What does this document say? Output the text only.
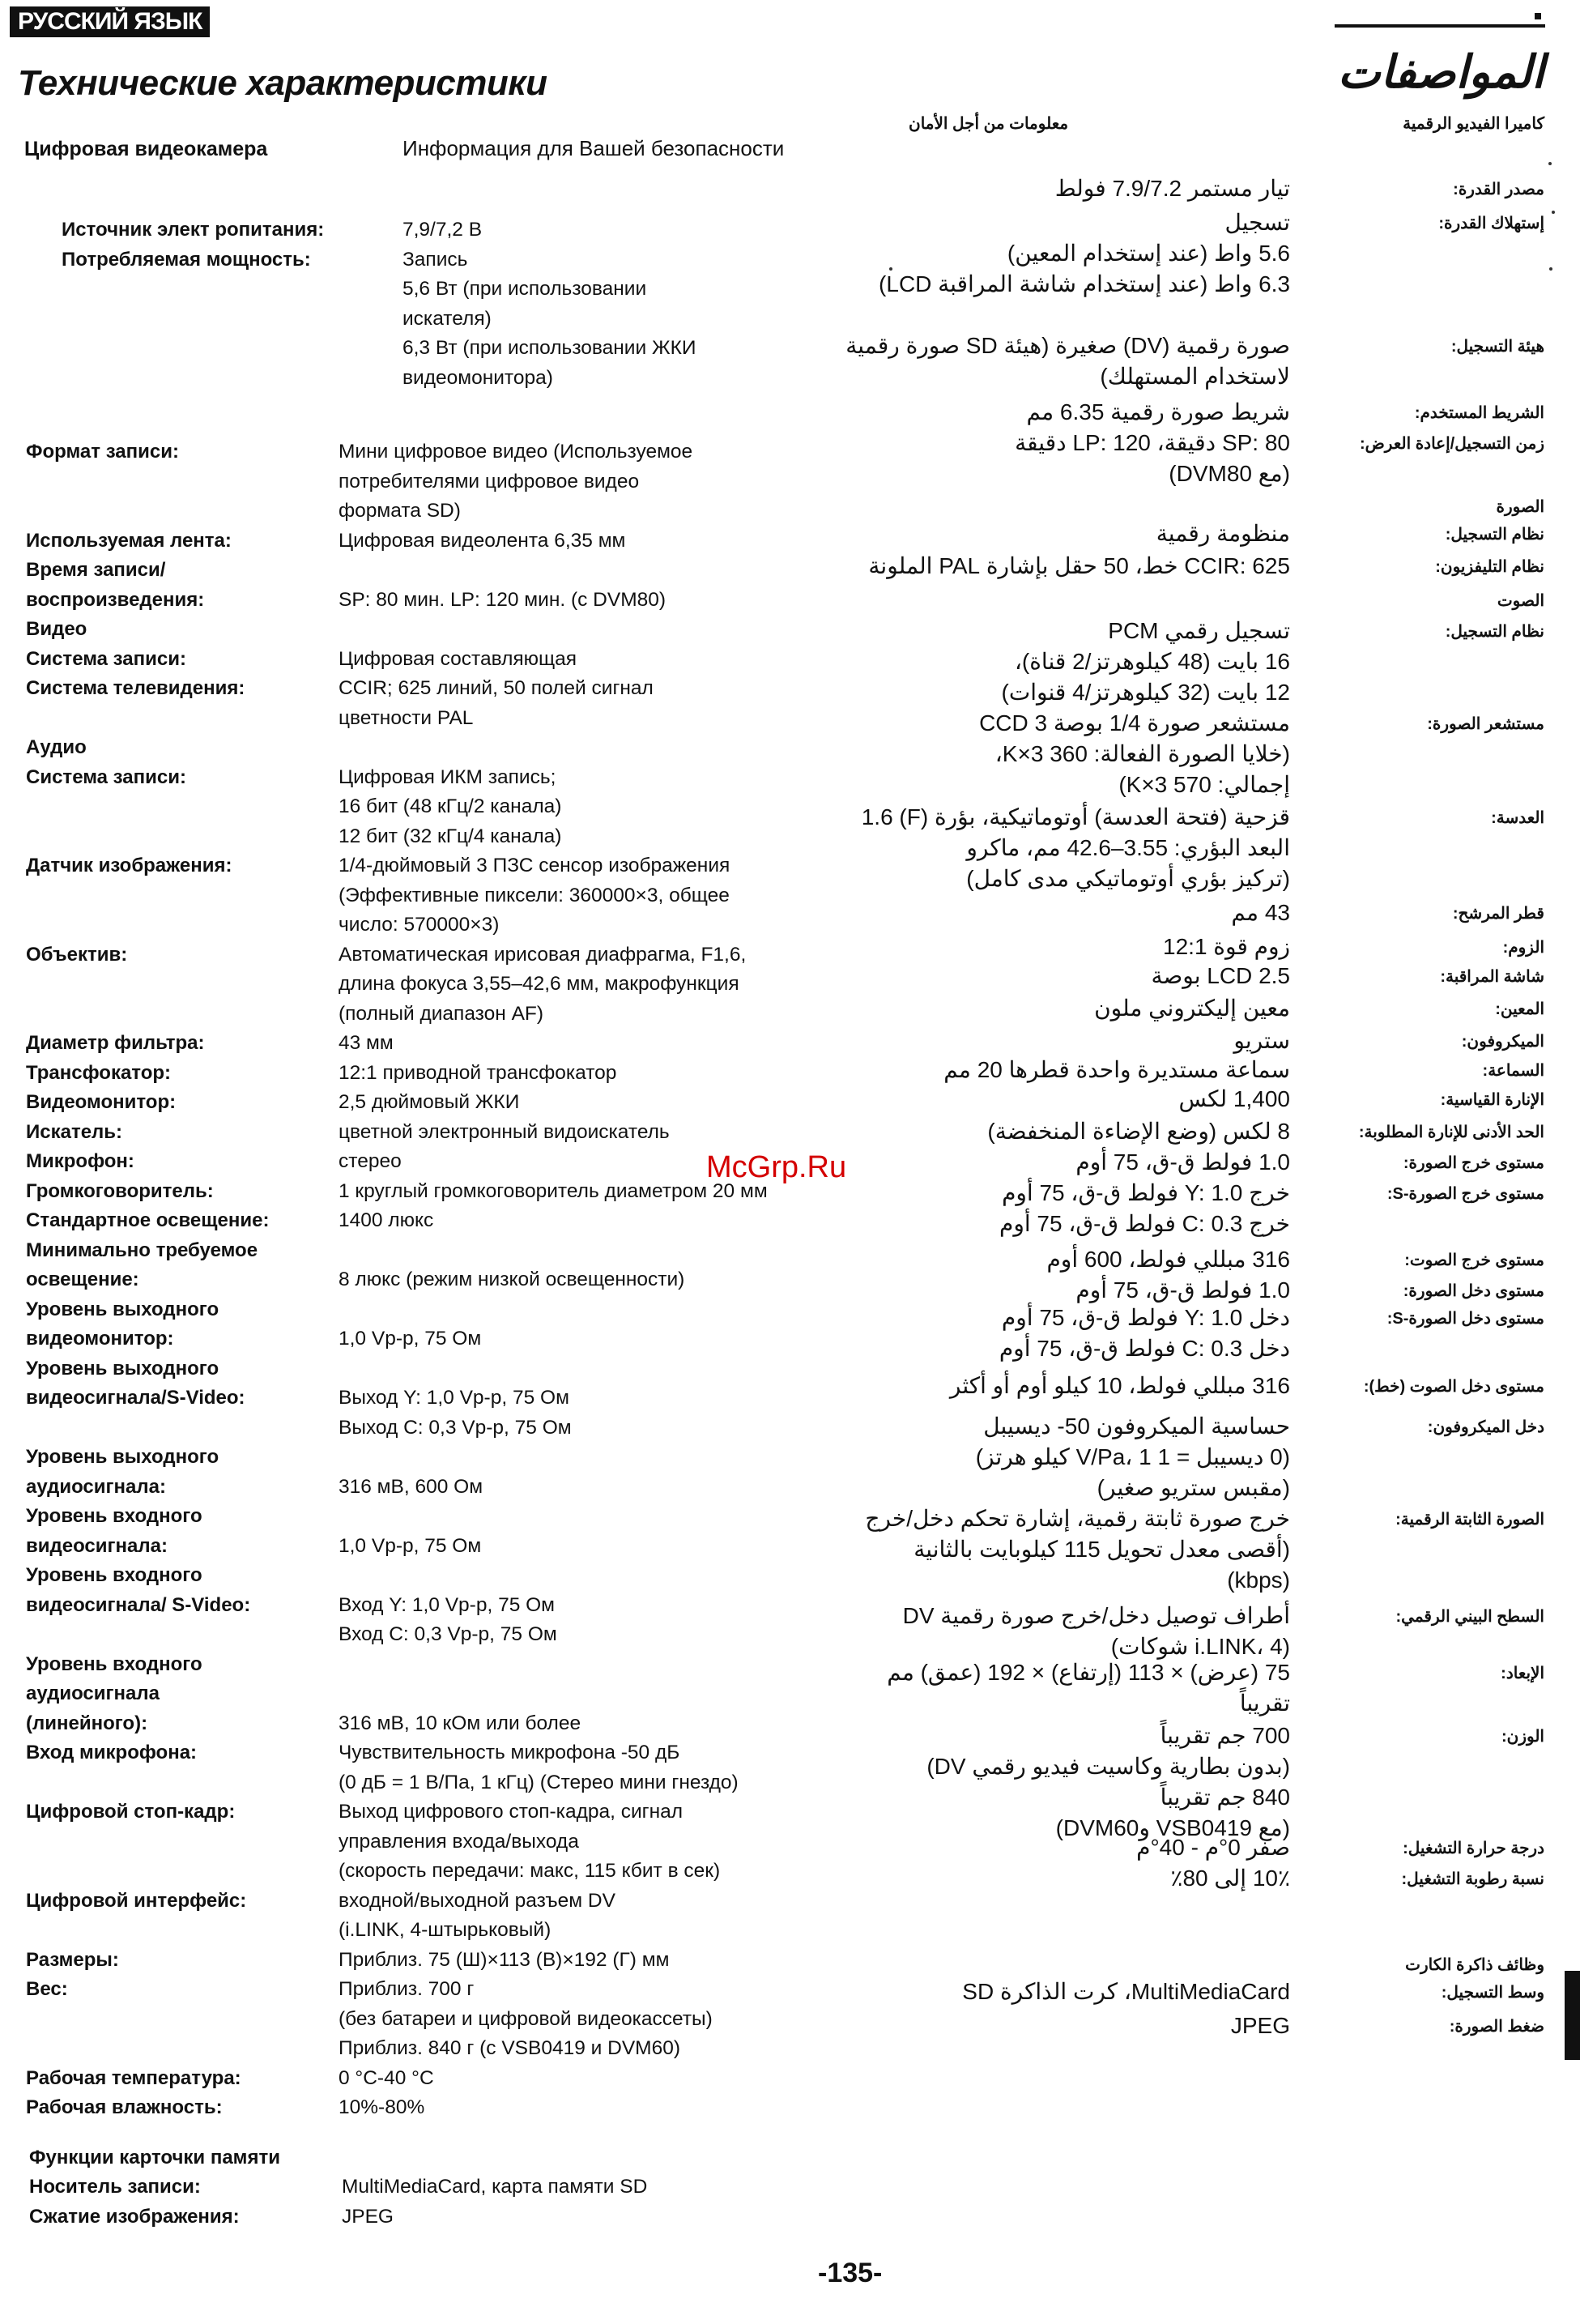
РУССКИЙ ЯЗЫК
Технические характеристики	المواصفات
Цифровая видеокамера	Информация для Вашей безопасности
كاميرا الفيديو الرقمية
معلومات من أجل الأمان
Источник элект ропитания:	7,9/7,2 В
Потребляемая мощность:	Запись
5,6 Вт (при использовании
искателя)
6,3 Вт (при использовании ЖКИ
видеомонитора)
Формат записи:	Мини цифровое видео (Используемое
потребителями цифровое видео
формата SD)
Используемая лента:	Цифровая видеолента 6,35 мм
Время записи/
воспроизведения:	
SP: 80 мин. LP: 120 мин. (с DVM80)
Видео
Система записи:	Цифровая составляющая
Система телевидения:	CCIR; 625 линий, 50 полей сигнал
цветности PAL
Аудио
Система записи:	Цифровая ИКМ запись;
16 бит (48 кГц/2 канала)
12 бит (32 кГц/4 канала)
Датчик изображения:	1/4-дюймовый 3 ПЗС сенсор изображения
(Эффективные пиксели: 360000×3, общее
число: 570000×3)
Объектив:	Автоматическая ирисовая диафрагма, F1,6,
длина фокуса 3,55–42,6 мм, макрофункция
(полный диапазон AF)
Диаметр фильтра:	43 мм
Трансфокатор:	12:1 приводной трансфокатор
Видеомонитор:	2,5 дюймовый ЖКИ
Искатель:	цветной электронный видоискатель
Микрофон:	стерео
Громкоговоритель:	1 круглый громкоговоритель диаметром 20 мм
Стандартное освещение:	1400 люкс
Минимально требуемое
освещение:	
8 люкс (режим низкой освещенности)
Уровень выходного
видеомонитор:	
1,0 Vp-p, 75 Ом
Уровень выходного
видеосигнала/S-Video:	
Выход Y: 1,0 Vp-p, 75 Ом
Выход C: 0,3 Vp-p, 75 Ом
Уровень выходного
аудиосигнала:	
316 мВ, 600 Ом
Уровень входного
видеосигнала:	
1,0 Vp-p, 75 Ом
Уровень входного
видеосигнала/ S-Video:	
Вход Y: 1,0 Vp-p, 75 Ом
Вход C: 0,3 Vp-p, 75 Ом
Уровень входного
аудиосигнала
(линейного):	

316 мВ, 10 кОм или более
Вход микрофона:	Чувствительность микрофона -50 дБ
(0 дБ = 1 В/Па, 1 кГц) (Стерео мини гнездо)
Цифровой стоп-кадр:	Выход цифрового стоп-кадра, сигнал
управления входа/выхода
(скорость передачи: макс, 115 кбит в сек)
Цифровой интерфейс:	входной/выходной разъем DV
(i.LINK, 4-штырьковый)
Размеры:	Приблиз. 75 (Ш)×113 (В)×192 (Г) мм
Вес:	Приблиз. 700 г
(без батареи и цифровой видеокассеты)
Приблиз. 840 г (с VSB0419 и DVM60)
Рабочая температура:	0 °C-40 °C
Рабочая влажность:	10%-80%
Функции карточки памяти
Носитель записи:	MultiMediaCard, карта памяти SD
Сжатие изображения:	JPEG
مصدر القدرة:
تيار مستمر 7.9/7.2 فولط
إستهلاك القدرة:
تسجيل
5.6 واط (عند إستخدام المعين)
6.3 واط (عند إستخدام شاشة المراقبة LCD)
هيئة التسجيل:
صورة رقمية (DV) صغيرة (هيئة SD صورة رقمية
لاستخدام المستهلك)
الشريط المستخدم:
شريط صورة رقمية 6.35 مم
زمن التسجيل/إعادة العرض:
SP: 80 دقيقة، LP: 120 دقيقة
(مع DVM80)
الصورة
نظام التسجيل:
منظومة رقمية
نظام التليفزيون:
CCIR: 625 خط، 50 حقل بإشارة PAL الملونة
الصوت
نظام التسجيل:
تسجيل رقمي PCM
16 بايت (48 كيلوهرتز/2 قناة)،
12 بايت (32 كيلوهرتز/4 قنوات)
مستشعر الصورة:
مستشعر صورة 1/4 بوصة 3 CCD
(خلايا الصورة الفعالة: 360 K×3،
إجمالي: 570 K×3)
العدسة:
قزحية (فتحة العدسة) أوتوماتيكية، بؤرة (F) 1.6
البعد البؤري: 3.55–42.6 مم، ماكرو
(تركيز بؤري أوتوماتيكي مدى كامل)
قطر المرشح:
43 مم
الزوم:
زوم قوة 12:1
شاشة المراقبة:
2.5 LCD بوصة
المعين:
معين إليكتروني ملون
الميكروفون:
ستريو
السماعة:
سماعة مستديرة واحدة قطرها 20 مم
الإنارة القياسية:
1,400 لكس
الحد الأدنى للإنارة المطلوبة:
8 لكس (وضع الإضاءة المنخفضة)
مستوى خرج الصورة:
1.0 فولط ق-ق، 75 أوم
مستوى خرج الصورة-S:
خرج Y: 1.0 فولط ق-ق، 75 أوم
خرج C: 0.3 فولط ق-ق، 75 أوم
مستوى خرج الصوت:
316 مبللي فولط، 600 أوم
مستوى دخل الصورة:
1.0 فولط ق-ق، 75 أوم
مستوى دخل الصورة-S:
دخل Y: 1.0 فولط ق-ق، 75 أوم
دخل C: 0.3 فولط ق-ق، 75 أوم
مستوى دخل الصوت (خط):
316 مبللي فولط، 10 كيلو أوم أو أكثر
دخل الميكروفون:
حساسية الميكروفون 50- ديسيبل
(0 ديسيبل = 1 V/Pa، 1 كيلو هرتز)
(مقبس ستريو صغير)
الصورة الثابتة الرقمية:
خرج صورة ثابتة رقمية، إشارة تحكم دخل/خرج
(أقصى معدل تحويل 115 كيلوبايت بالثانية
(kbps)
السطح البيني الرقمي:
أطراف توصيل دخل/خرج صورة رقمية DV
(i.LINK، 4 شوكات)
الإبعاد:
75 (عرض) × 113 (إرتفاع) × 192 (عمق) مم
تقريباً
الوزن:
700 جم تقريباً
(بدون بطارية وكاسيت فيديو رقمي DV)
840 جم تقريباً
(مع VSB0419 وDVM60)
درجة حرارة التشغيل:
صفر 0°م - 40°م
نسبة رطوبة التشغيل:
10٪ إلى 80٪
وظائف ذاكرة الكارت
وسط التسجيل:
MultiMediaCard، كرت الذاكرة SD
ضغط الصورة:
JPEG
McGrp.Ru
-135-
